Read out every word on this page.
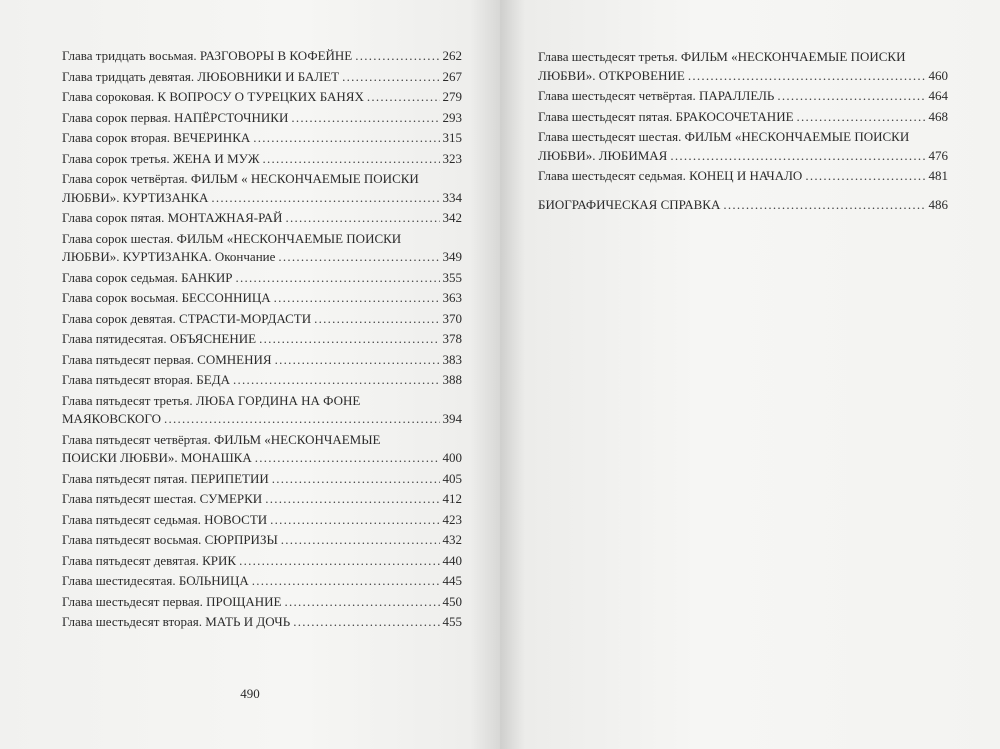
Глава тридцать восьмая. РАЗГОВОРЫ В КОФЕЙНЕ . . .	262
Глава тридцать девятая. ЛЮБОВНИКИ И БАЛЕТ . . .	267
Глава сороковая. К ВОПРОСУ О ТУРЕЦКИХ БАНЯХ . . .	279
Глава сорок первая. НАПЁРСТОЧНИКИ . . .	293
Глава сорок вторая. ВЕЧЕРИНКА . . .	315
Глава сорок третья. ЖЕНА И МУЖ . . .	323
Глава сорок четвёртая. ФИЛЬМ « НЕСКОНЧАЕМЫЕ ПОИСКИ
ЛЮБВИ». КУРТИЗАНКА . . .	334
Глава сорок пятая. МОНТАЖНАЯ-РАЙ . . .	342
Глава сорок шестая. ФИЛЬМ «НЕСКОНЧАЕМЫЕ ПОИСКИ
ЛЮБВИ». КУРТИЗАНКА. Окончание . . .	349
Глава сорок седьмая. БАНКИР . . .	355
Глава сорок восьмая. БЕССОННИЦА . . .	363
Глава сорок девятая. СТРАСТИ-МОРДАСТИ . . .	370
Глава пятидесятая. ОБЪЯСНЕНИЕ . . .	378
Глава пятьдесят первая. СОМНЕНИЯ . . .	383
Глава пятьдесят вторая. БЕДА . . .	388
Глава пятьдесят третья. ЛЮБА ГОРДИНА НА ФОНЕ
МАЯКОВСКОГО . . .	394
Глава пятьдесят четвёртая. ФИЛЬМ «НЕСКОНЧАЕМЫЕ
ПОИСКИ ЛЮБВИ». МОНАШКА . . .	400
Глава пятьдесят пятая. ПЕРИПЕТИИ . . .	405
Глава пятьдесят шестая. СУМЕРКИ . . .	412
Глава пятьдесят седьмая. НОВОСТИ . . .	423
Глава пятьдесят восьмая. СЮРПРИЗЫ . . .	432
Глава пятьдесят девятая. КРИК . . .	440
Глава шестидесятая. БОЛЬНИЦА . . .	445
Глава шестьдесят первая. ПРОЩАНИЕ . . .	450
Глава шестьдесят вторая. МАТЬ И ДОЧЬ . . .	455
490
Глава шестьдесят третья. ФИЛЬМ «НЕСКОНЧАЕМЫЕ ПОИСКИ
ЛЮБВИ». ОТКРОВЕНИЕ . . .	460
Глава шестьдесят четвёртая. ПАРАЛЛЕЛЬ . . .	464
Глава шестьдесят пятая. БРАКОСОЧЕТАНИЕ . . .	468
Глава шестьдесят шестая. ФИЛЬМ «НЕСКОНЧАЕМЫЕ ПОИСКИ
ЛЮБВИ». ЛЮБИМАЯ . . .	476
Глава шестьдесят седьмая. КОНЕЦ И НАЧАЛО . . .	481
БИОГРАФИЧЕСКАЯ СПРАВКА . . .	486
